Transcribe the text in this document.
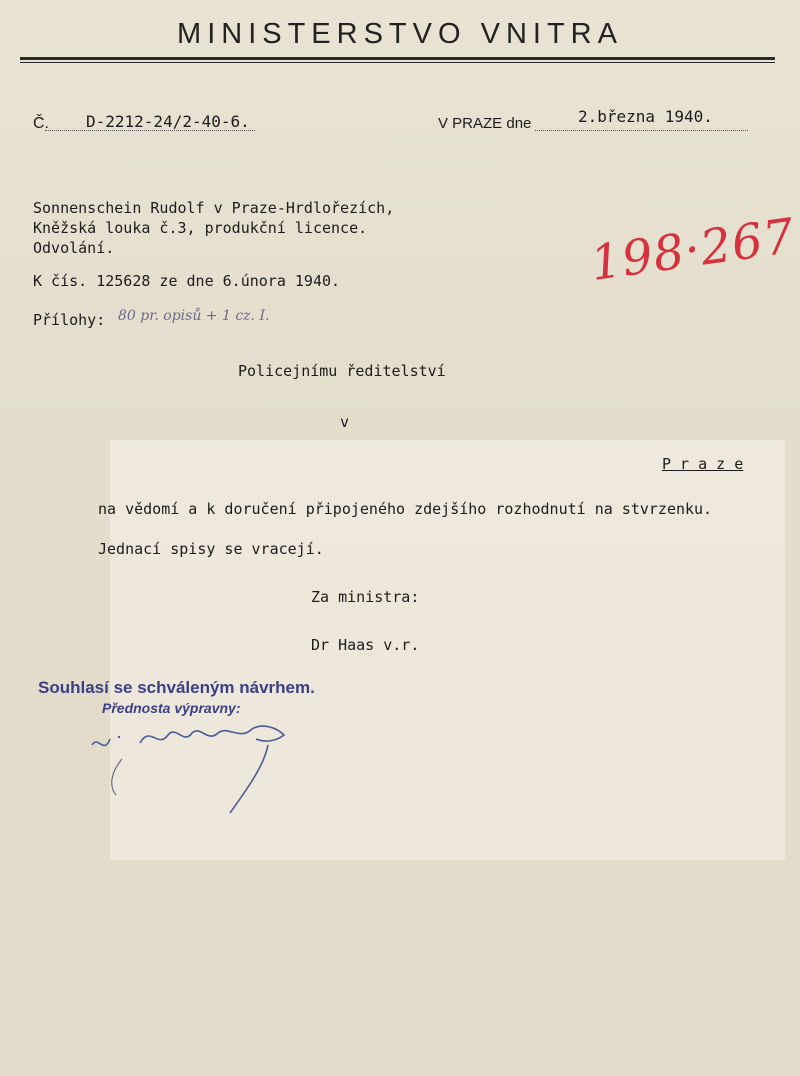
MINISTERSTVO VNITRA
Č. D-2212-24/2-40-6.	V PRAZE dne	2.března 1940.
Sonnenschein Rudolf v Praze-Hrdlořezích,
Kněžská louka č.3, produkční licence.
Odvolání.	198·267
K čís. 125628 ze dne 6.února 1940.
Přílohy: 80 pr. opisů + 1 cz. I.
Policejnímu ředitelství
v
P r a z e
na vědomí a k doručení připojeného zdejšího rozhodnutí na stvrzenku.
Jednací spisy se vracejí.
Za ministra:
Dr Haas v.r.
Souhlasí se schváleným návrhem.
Přednosta výpravny:
